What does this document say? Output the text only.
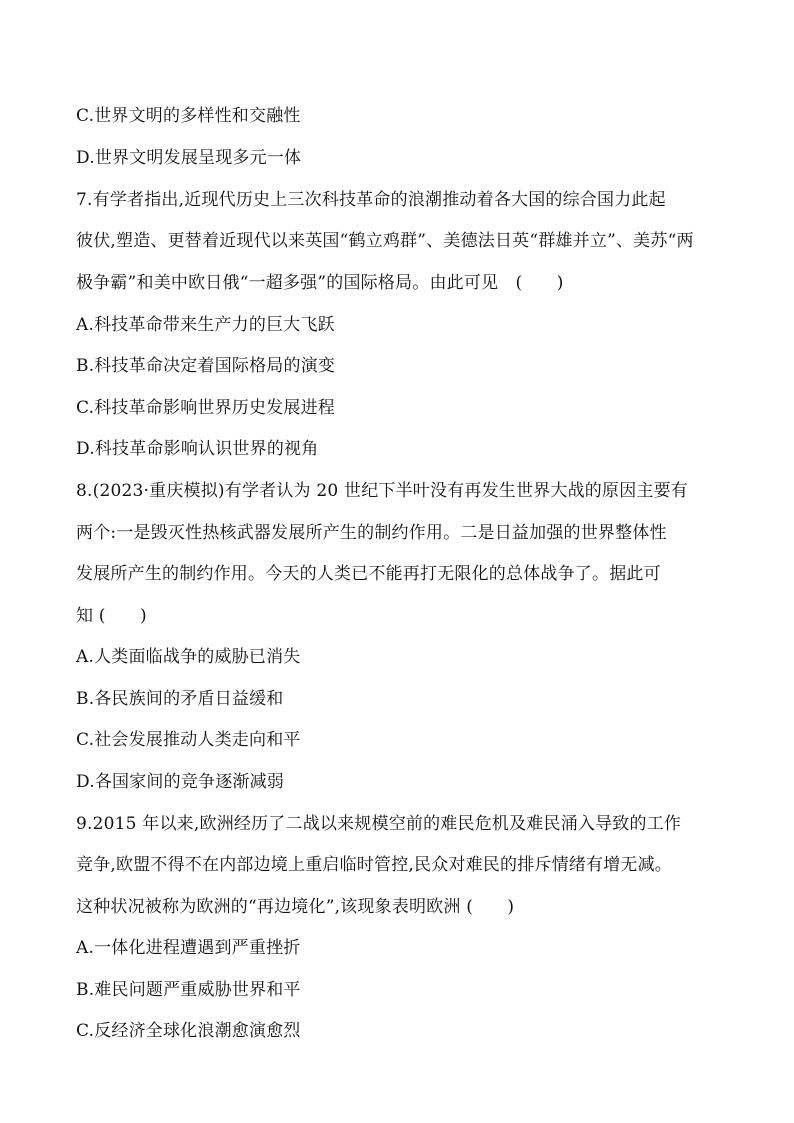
C.世界文明的多样性和交融性
D.世界文明发展呈现多元一体
7.有学者指出,近现代历史上三次科技革命的浪潮推动着各大国的综合国力此起
彼伏,塑造、更替着近现代以来英国“鹤立鸡群”、美德法日英“群雄并立”、美苏“两
极争霸”和美中欧日俄“一超多强”的国际格局。由此可见　(　　)
A.科技革命带来生产力的巨大飞跃
B.科技革命决定着国际格局的演变
C.科技革命影响世界历史发展进程
D.科技革命影响认识世界的视角
8.(2023·重庆模拟)有学者认为 20 世纪下半叶没有再发生世界大战的原因主要有
两个:一是毁灭性热核武器发展所产生的制约作用。二是日益加强的世界整体性
发展所产生的制约作用。今天的人类已不能再打无限化的总体战争了。据此可
知 (　　)
A.人类面临战争的威胁已消失
B.各民族间的矛盾日益缓和
C.社会发展推动人类走向和平
D.各国家间的竞争逐渐减弱
9.2015 年以来,欧洲经历了二战以来规模空前的难民危机及难民涌入导致的工作
竞争,欧盟不得不在内部边境上重启临时管控,民众对难民的排斥情绪有增无减。
这种状况被称为欧洲的“再边境化”,该现象表明欧洲 (　　)
A.一体化进程遭遇到严重挫折
B.难民问题严重威胁世界和平
C.反经济全球化浪潮愈演愈烈
